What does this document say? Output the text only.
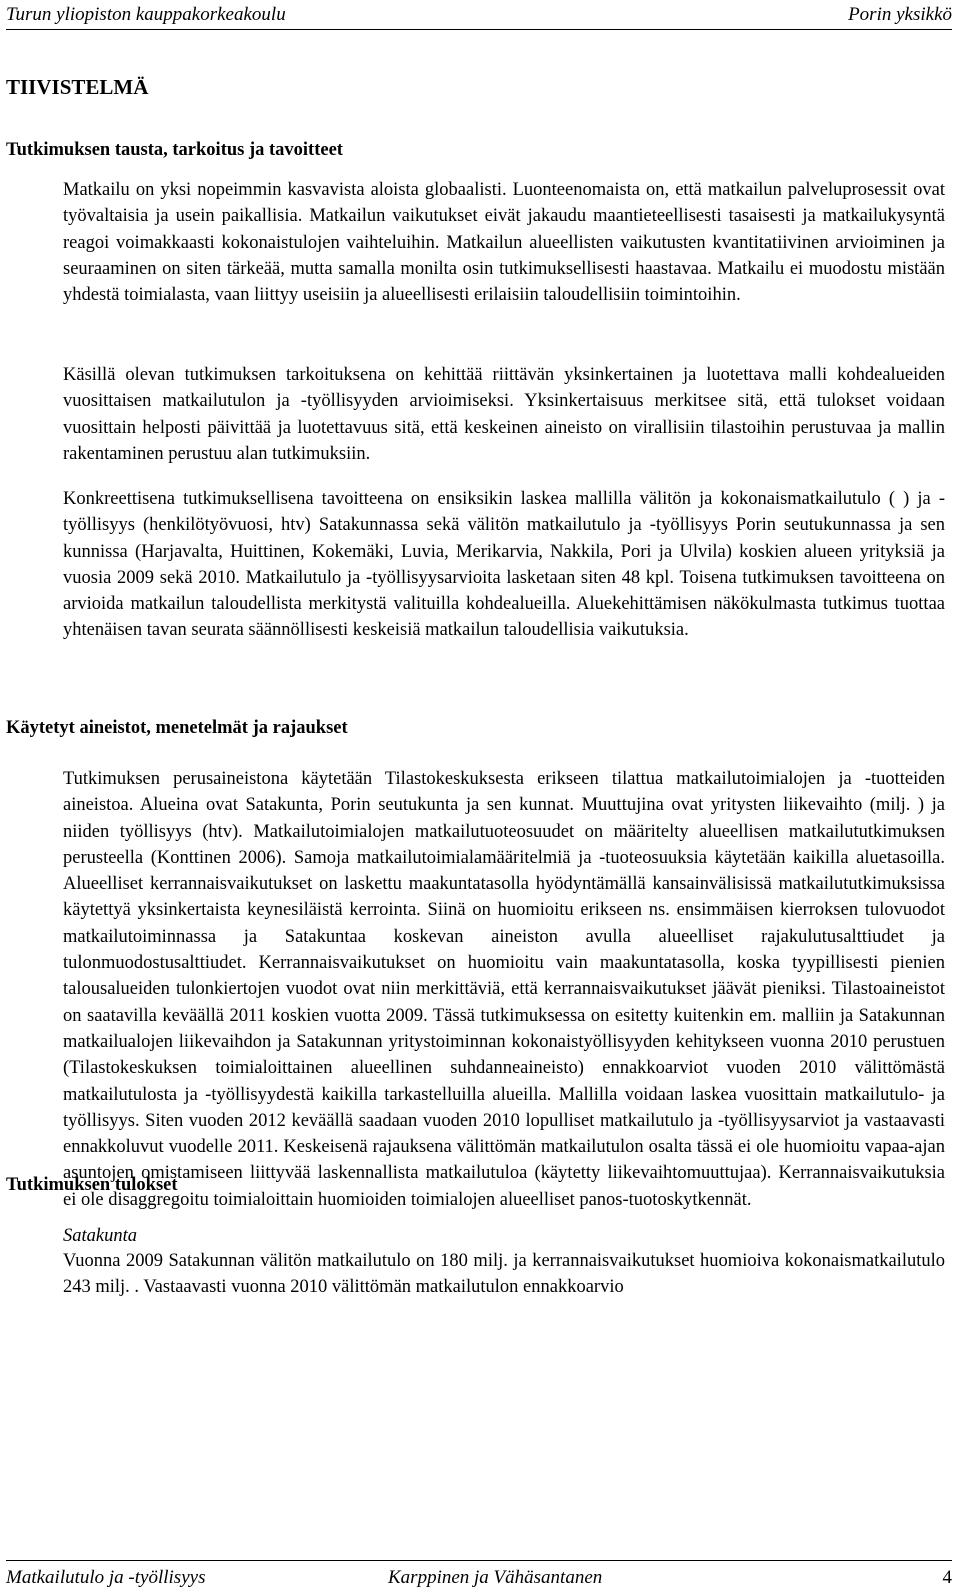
Turun yliopiston kauppakorkeakoulu	Porin yksikkö
TIIVISTELMÄ
Tutkimuksen tausta, tarkoitus ja tavoitteet

Matkailu on yksi nopeimmin kasvavista aloista globaalisti. Luonteenomaista on, että matkailun palveluprosessit ovat työvaltaisia ja usein paikallisia. Matkailun vaikutukset eivät jakaudu maantieteellisesti tasaisesti ja matkailukysyntä reagoi voimakkaasti kokonaistulojen vaihteluihin. Matkailun alueellisten vaikutusten kvantitatiivinen arvioiminen ja seuraaminen on siten tärkeää, mutta samalla monilta osin tutkimuksellisesti haastavaa. Matkailu ei muodostu mistään yhdestä toimialasta, vaan liittyy useisiin ja alueellisesti erilaisiin taloudellisiin toimintoihin.

Käsillä olevan tutkimuksen tarkoituksena on kehittää riittävän yksinkertainen ja luotettava malli kohdealueiden vuosittaisen matkailutulon ja -työllisyyden arvioimiseksi. Yksinkertaisuus merkitsee sitä, että tulokset voidaan vuosittain helposti päivittää ja luotettavuus sitä, että keskeinen aineisto on virallisiin tilastoihin perustuvaa ja mallin rakentaminen perustuu alan tutkimuksiin.

Konkreettisena tutkimuksellisena tavoitteena on ensiksikin laskea mallilla välitön ja kokonaismatkailutulo ( ) ja -työllisyys (henkilötyövuosi, htv) Satakunnassa sekä välitön matkailutulo ja -työllisyys Porin seutukunnassa ja sen kunnissa (Harjavalta, Huittinen, Kokemäki, Luvia, Merikarvia, Nakkila, Pori ja Ulvila) koskien alueen yrityksiä ja vuosia 2009 sekä 2010. Matkailutulo ja -työllisyysarvioita lasketaan siten 48 kpl. Toisena tutkimuksen tavoitteena on arvioida matkailun taloudellista merkitystä valituilla kohdealueilla. Aluekehittämisen näkökulmasta tutkimus tuottaa yhtenäisen tavan seurata säännöllisesti keskeisiä matkailun taloudellisia vaikutuksia.

Käytetyt aineistot, menetelmät ja rajaukset

Tutkimuksen perusaineistona käytetään Tilastokeskuksesta erikseen tilattua matkailutoimialojen ja -tuotteiden aineistoa. Alueina ovat Satakunta, Porin seutukunta ja sen kunnat. Muuttujina ovat yritysten liikevaihto (milj. ) ja niiden työllisyys (htv). Matkailutoimialojen matkailutuoteosuudet on määritelty alueellisen matkailututkimuksen perusteella (Konttinen 2006). Samoja matkailutoimialamääritelmiä ja -tuoteosuuksia käytetään kaikilla aluetasoilla. Alueelliset kerrannaisvaikutukset on laskettu maakuntatasolla hyödyntämällä kansainvälisissä matkailututkimuksissa käytettyä yksinkertaista keynesiläistä kerrointa. Siinä on huomioitu erikseen ns. ensimmäisen kierroksen tulovuodot matkailutoiminnassa ja Satakuntaa koskevan aineiston avulla alueelliset rajakulutusalttiudet ja tulonmuodostusalttiudet. Kerrannaisvaikutukset on huomioitu vain maakuntatasolla, koska tyypillisesti pienien talousalueiden tulonkiertojen vuodot ovat niin merkittäviä, että kerrannaisvaikutukset jäävät pieniksi. Tilastoaineistot on saatavilla keväällä 2011 koskien vuotta 2009. Tässä tutkimuksessa on esitetty kuitenkin em. malliin ja Satakunnan matkailualojen liikevaihdon ja Satakunnan yritystoiminnan kokonaistyöllisyyden kehitykseen vuonna 2010 perustuen (Tilastokeskuksen toimialoittainen alueellinen suhdanneaineisto) ennakkoarviot vuoden 2010 välittömästä matkailutulosta ja -työllisyydestä kaikilla tarkastelluilla alueilla. Mallilla voidaan laskea vuosittain matkailutulo- ja työllisyys. Siten vuoden 2012 keväällä saadaan vuoden 2010 lopulliset matkailutulo ja -työllisyysarviot ja vastaavasti ennakkoluvut vuodelle 2011. Keskeisenä rajauksena välittömän matkailutulon osalta tässä ei ole huomioitu vapaa-ajan asuntojen omistamiseen liittyvää laskennallista matkailutuloa (käytetty liikevaihtomuuttujaa). Kerrannaisvaikutuksia ei ole disaggregoitu toimialoittain huomioiden toimialojen alueelliset panos-tuotoskytkennät.

Tutkimuksen tulokset

Satakunta

Vuonna 2009 Satakunnan välitön matkailutulo on 180 milj. ja kerrannaisvaikutukset huomioiva kokonaismatkailutulo 243 milj. . Vastaavasti vuonna 2010 välittömän matkailutulon ennakkoarvio

Matkailutulo ja -työllisyys	Karppinen ja Vähäsantanen	4
